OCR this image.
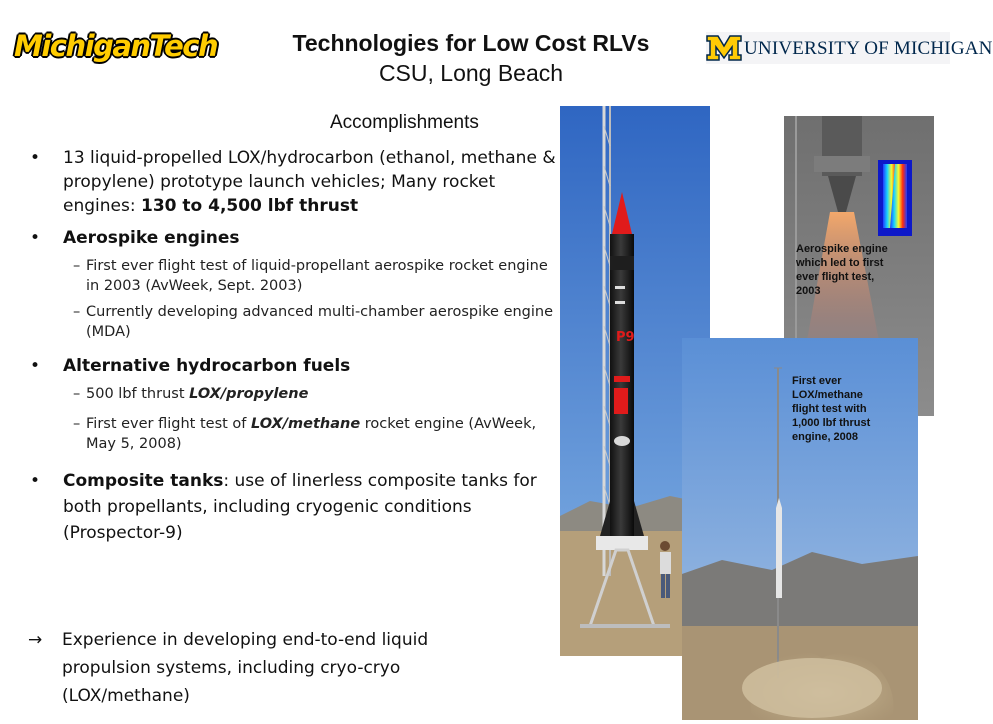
MichiganTech	UNIVERSITY OF MICHIGAN
Technologies for Low Cost RLVs
CSU, Long Beach
Accomplishments
• 13 liquid-propelled LOX/hydrocarbon (ethanol, methane & propylene) prototype launch vehicles; Many rocket engines: 130 to 4,500 lbf thrust
• Aerospike engines
– First ever flight test of liquid-propellant aerospike rocket engine in 2003 (AvWeek, Sept. 2003)
– Currently developing advanced multi-chamber aerospike engine (MDA)
• Alternative hydrocarbon fuels
– 500 lbf thrust LOX/propylene
– First ever flight test of LOX/methane rocket engine (AvWeek, May 5, 2008)
• Composite tanks: use of linerless composite tanks for both propellants, including cryogenic conditions (Prospector-9)
→ Experience in developing end-to-end liquid
propulsion systems, including cryo-cryo
(LOX/methane)
P9
Aerospike engine which led to first ever flight test, 2003
First ever LOX/methane flight test with 1,000 lbf thrust engine, 2008
